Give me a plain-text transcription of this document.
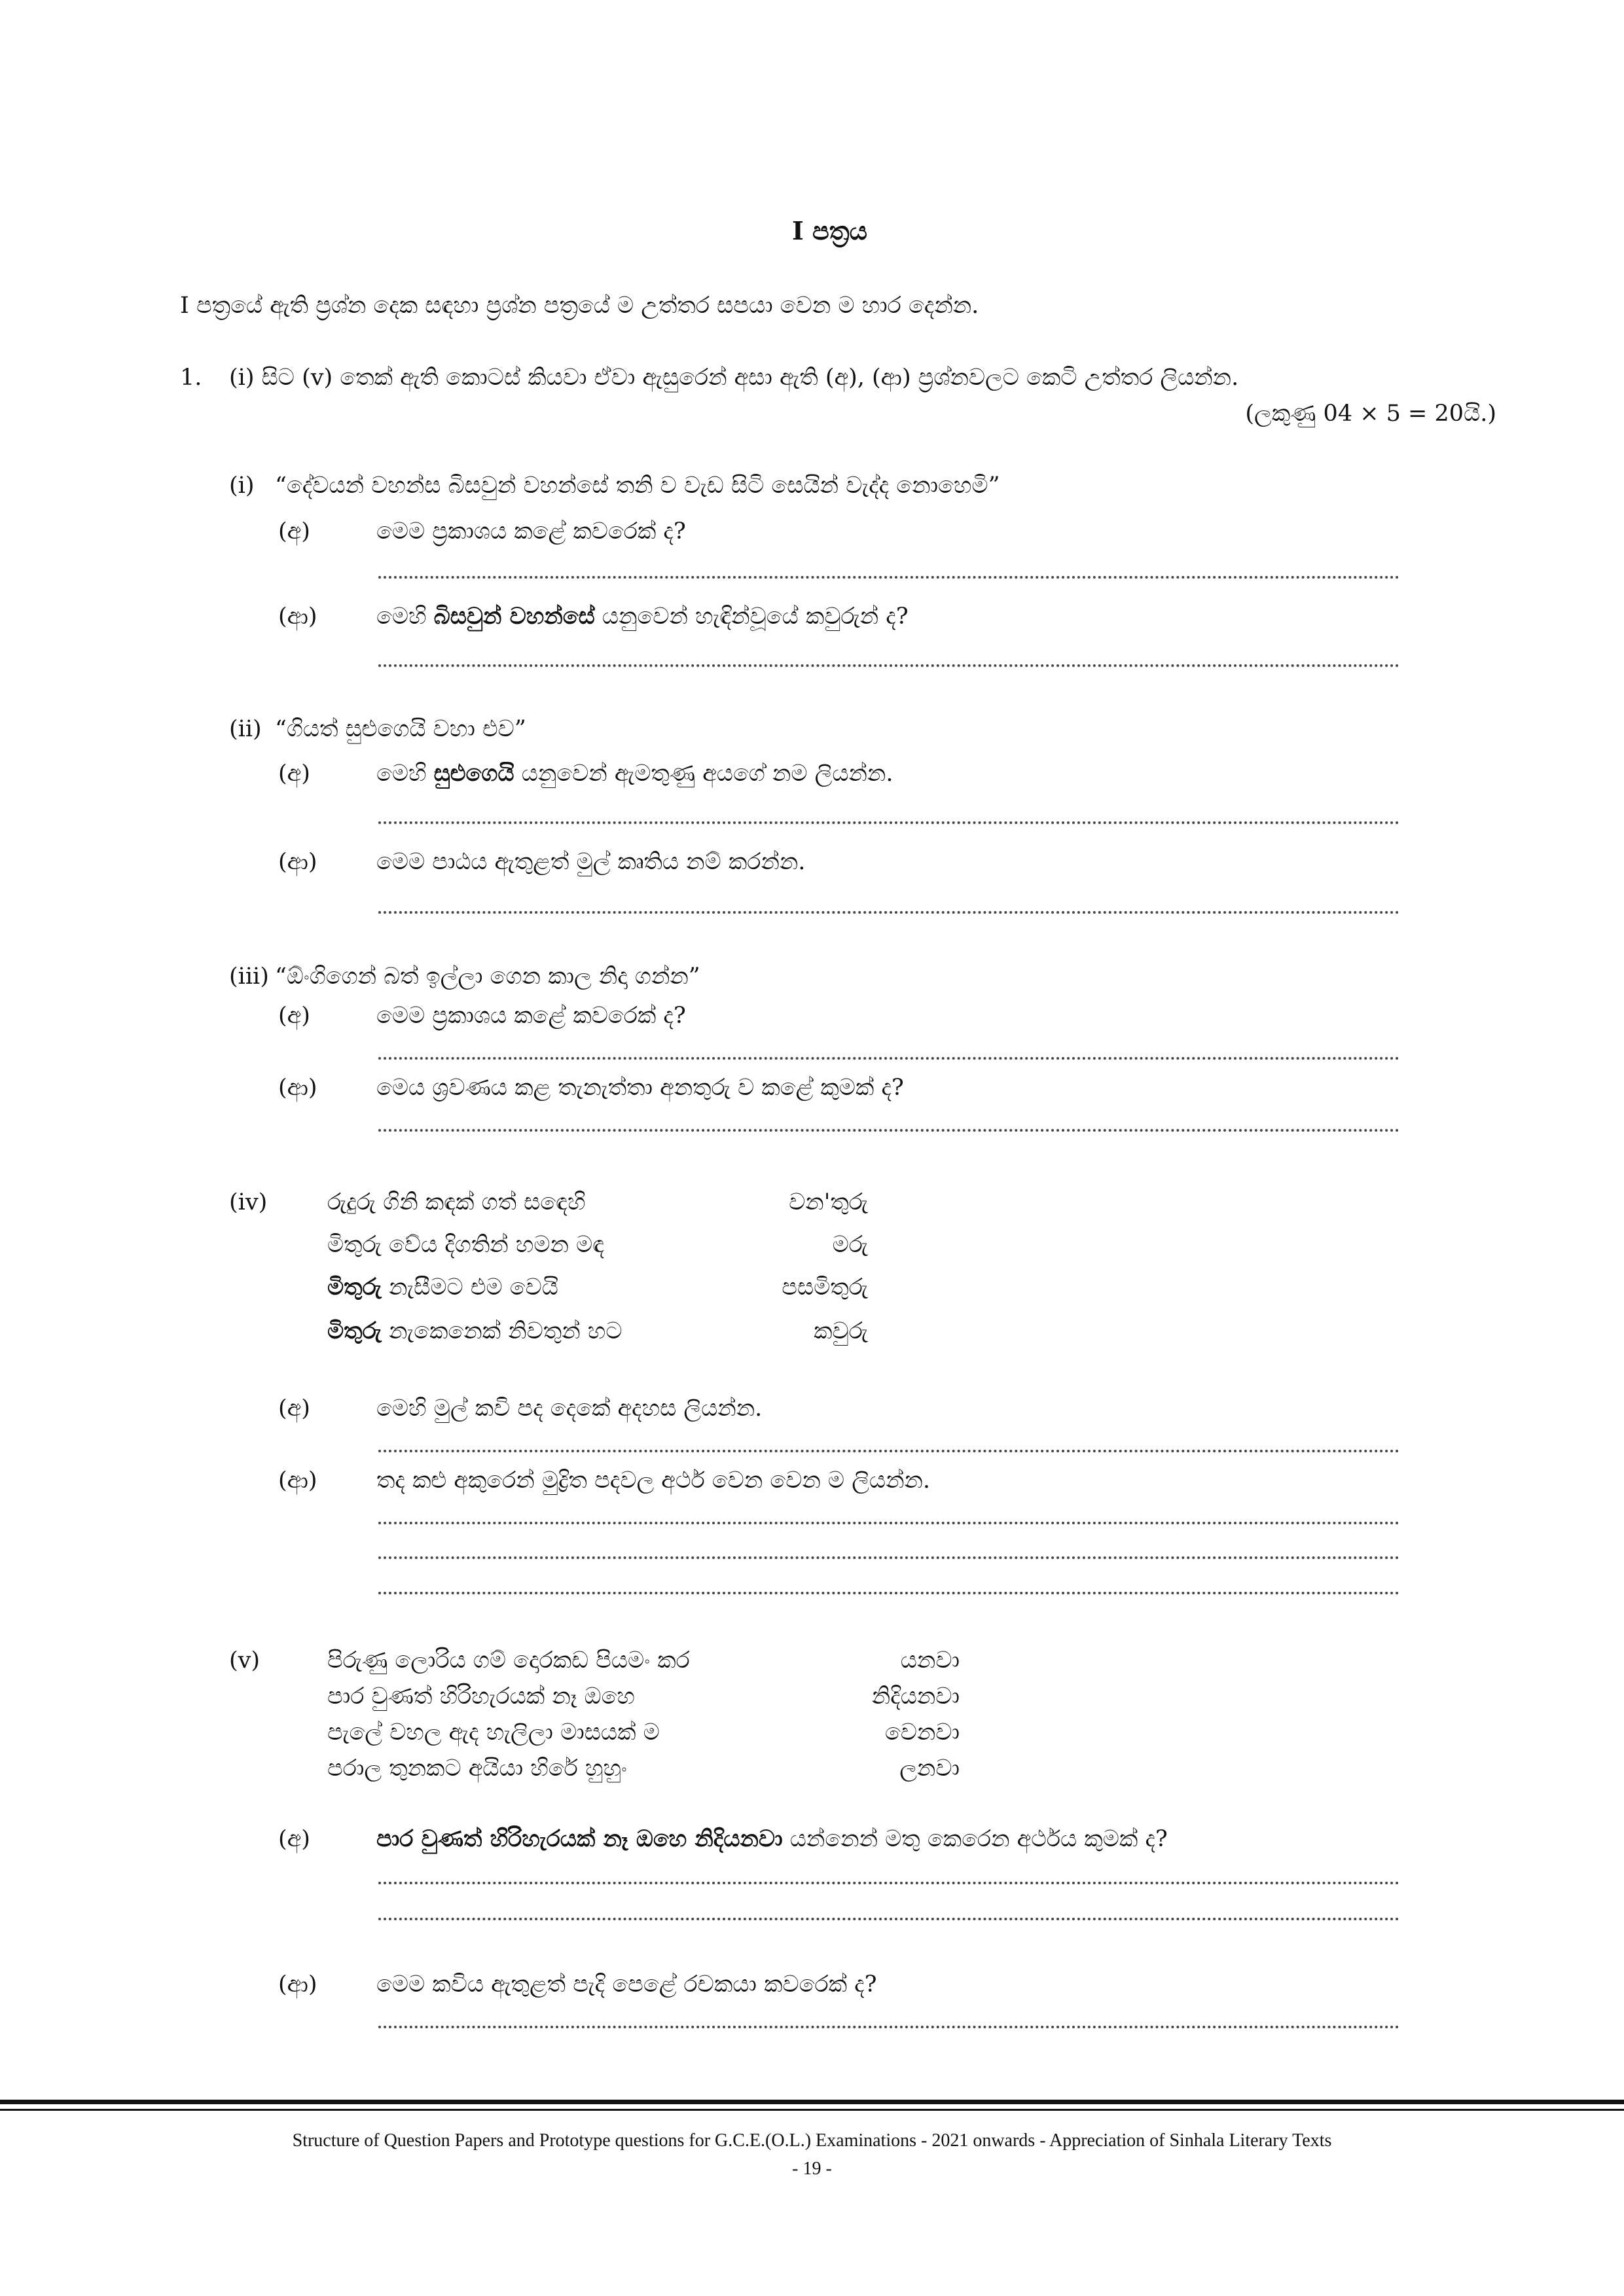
I පත්‍රය
I පත්‍රයේ ඇති ප්‍රශ්න දෙක සඳහා ප්‍රශ්න පත්‍රයේ ම උත්තර සපයා වෙන ම හාර දෙන්න.
1. (i) සිට (v) තෙක් ඇති කොටස් කියවා ඒවා ඇසුරෙන් අසා ඇති (අ), (ආ) ප්‍රශ්නවලට කෙටි උත්තර ලියන්න.
(ලකුණු 04 × 5 = 20යි.)
(i) “දේවයන් වහන්ස බිසවුන් වහන්සේ තනි ව වැඩ සිටි සෙයින් වැද්ද නොහෙමි”
(අ)	මෙම ප්‍රකාශය කළේ කවරෙක් ද?
(ආ)	මෙහි බිසවුන් වහන්සේ යනුවෙන් හැඳින්වූයේ කවුරුන් ද?
(ii) “ගියත් සුළුගෙයි වහා එව”
(අ)	මෙහි සුළුගෙයි යනුවෙන් ඇමතුණු අයගේ නම ලියන්න.
(ආ)	මෙම පාඨය ඇතුළත් මුල් කෘතිය නම් කරන්න.
(iii) “ඕංගිගෙන් බත් ඉල්ලා ගෙන කාල නිදා ගන්න”
(අ)	මෙම ප්‍රකාශය කළේ කවරෙක් ද?
(ආ)	මෙය ශ්‍රවණය කළ තැනැත්තා අනතුරු ව කළේ කුමක් ද?
(iv)	රුදුරු ගිනි කඳක් ගත් සඳෙහි	වන'තුරු
මිතුරු වේය දිගතින් හමන මඳ	මරු
මිතුරු නැසීමට එම වෙයි	පසමිතුරු
මිතුරු නැකෙනෙක් නිවතුන් හට	කවුරු
(අ)	මෙහි මුල් කවි පද දෙකේ අදහස ලියන්න.
(ආ)	තද කළු අකුරෙන් මුද්‍රිත පදවල අර්ථ වෙන වෙන ම ලියන්න.
(v)	පිරුණු ලොරිය ගම් දොරකඩ පියමං කර	යනවා
පාර වුණත් හිරිහැරයක් නෑ ඔහෙ	නිදියනවා
පැලේ වහල ඇද හැලිලා මාසයක් ම	වෙනවා
පරාල තුනකට අයියා හිරේ හුහුං	ලනවා
(අ)	පාර වුණත් හිරිහැරයක් නෑ ඔහෙ නිදියනවා යන්නෙන් මතු කෙරෙන අර්ථය කුමක් ද?
(ආ)	මෙම කවිය ඇතුළත් පැදි පෙළේ රචකයා කවරෙක් ද?
Structure of Question Papers and Prototype questions for G.C.E.(O.L.) Examinations - 2021 onwards - Appreciation of Sinhala Literary Texts
- 19 -
